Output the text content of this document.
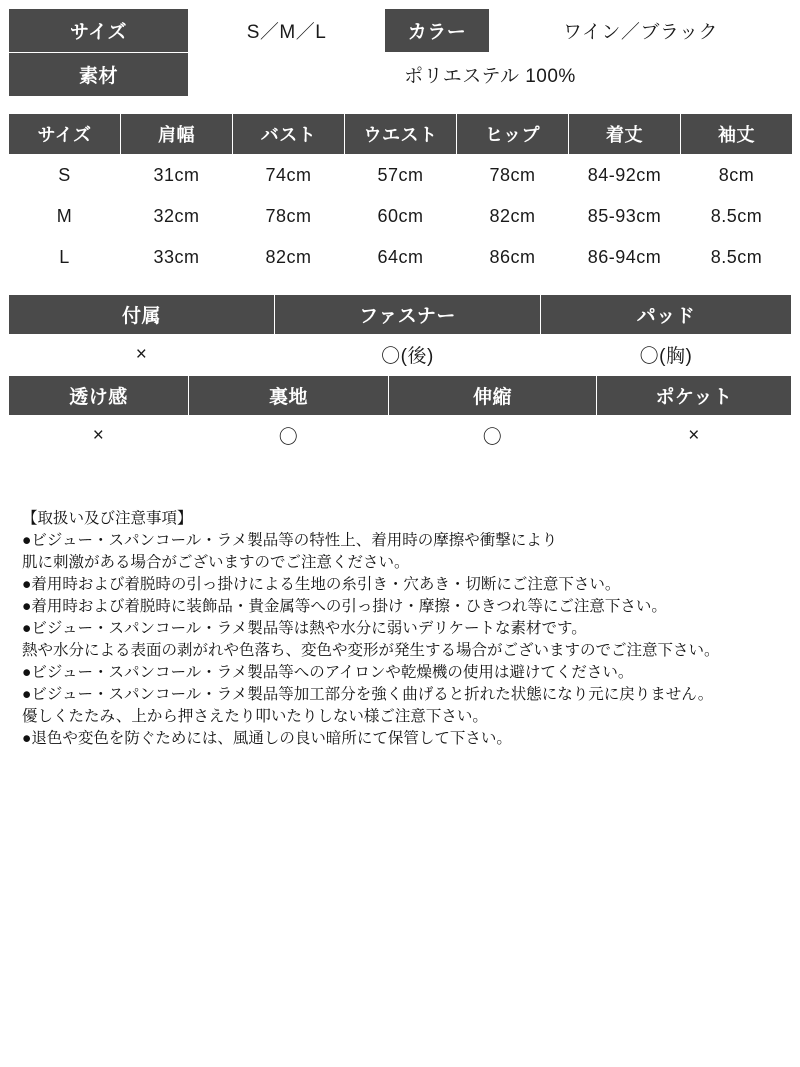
サイズ	S／M／L	カラー	ワイン／ブラック
素材	ポリエステル 100%		
サイズ	肩幅	バスト	ウエスト	ヒップ	着丈	袖丈
S	31cm	74cm	57cm	78cm	84-92cm	8cm
M	32cm	78cm	60cm	82cm	85-93cm	8.5cm
L	33cm	82cm	64cm	86cm	86-94cm	8.5cm
付属	ファスナー	パッド
×	〇(後)	〇(胸)
透け感	裏地	伸縮	ポケット
×	〇	〇	×
【取扱い及び注意事項】
●ビジュー・スパンコール・ラメ製品等の特性上、着用時の摩擦や衝撃により
肌に刺激がある場合がございますのでご注意ください。
●着用時および着脱時の引っ掛けによる生地の糸引き・穴あき・切断にご注意下さい。
●着用時および着脱時に装飾品・貴金属等への引っ掛け・摩擦・ひきつれ等にご注意下さい。
●ビジュー・スパンコール・ラメ製品等は熱や水分に弱いデリケートな素材です。
熱や水分による表面の剥がれや色落ち、変色や変形が発生する場合がございますのでご注意下さい。
●ビジュー・スパンコール・ラメ製品等へのアイロンや乾燥機の使用は避けてください。
●ビジュー・スパンコール・ラメ製品等加工部分を強く曲げると折れた状態になり元に戻りません。
優しくたたみ、上から押さえたり叩いたりしない様ご注意下さい。
●退色や変色を防ぐためには、風通しの良い暗所にて保管して下さい。
